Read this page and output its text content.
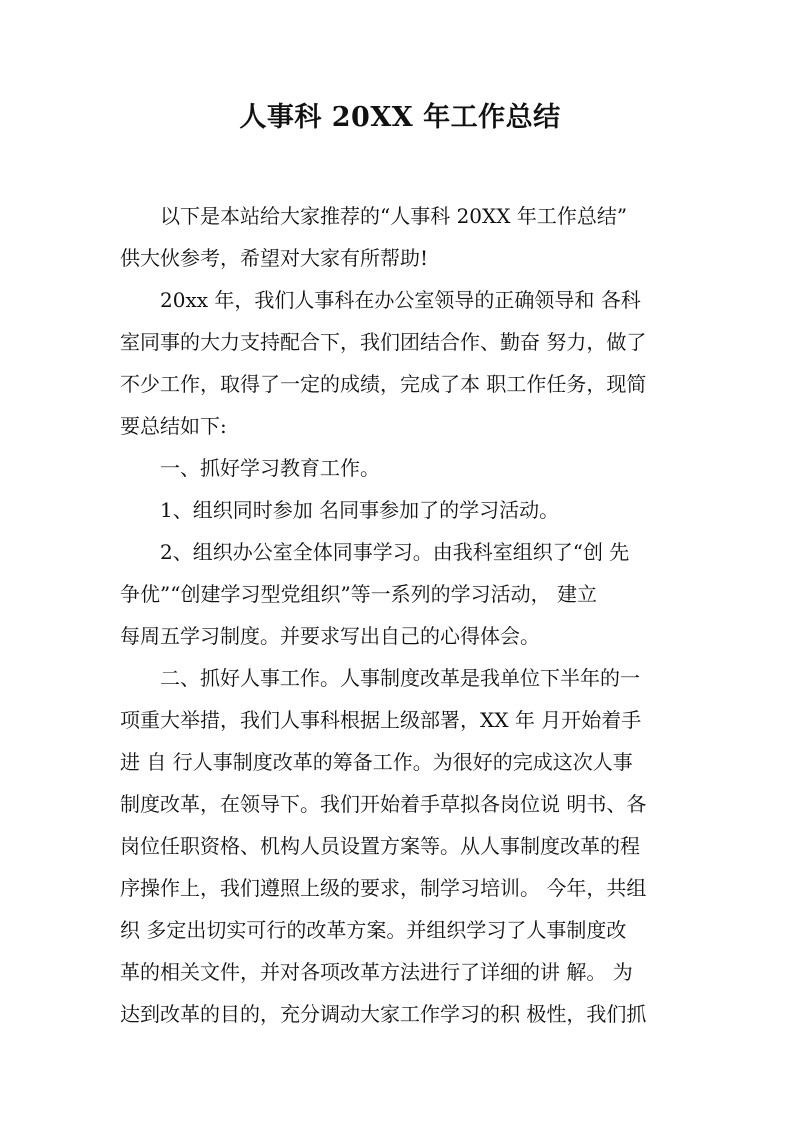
人事科 20XX 年工作总结
以下是本站给大家推荐的“人事科 20XX 年工作总结”
供大伙参考，希望对大家有所帮助!
20xx 年，我们人事科在办公室领导的正确领导和 各科
室同事的大力支持配合下，我们团结合作、勤奋 努力，做了
不少工作，取得了一定的成绩，完成了本 职工作任务，现简
要总结如下:
一、抓好学习教育工作。
1、组织同时参加 名同事参加了的学习活动。
2、组织办公室全体同事学习。由我科室组织了“创 先
争优”“创建学习型党组织”等一系列的学习活动， 建立
每周五学习制度。并要求写出自己的心得体会。
二、抓好人事工作。人事制度改革是我单位下半年的一
项重大举措，我们人事科根据上级部署，XX 年 月开始着手
进 自 行人事制度改革的筹备工作。为很好的完成这次人事
制度改革，在领导下。我们开始着手草拟各岗位说 明书、各
岗位任职资格、机构人员设置方案等。从人事制度改革的程
序操作上，我们遵照上级的要求，制学习培训。 今年，共组
织 多定出切实可行的改革方案。并组织学习了人事制度改
革的相关文件，并对各项改革方法进行了详细的讲 解。 为
达到改革的目的，充分调动大家工作学习的积 极性，我们抓
